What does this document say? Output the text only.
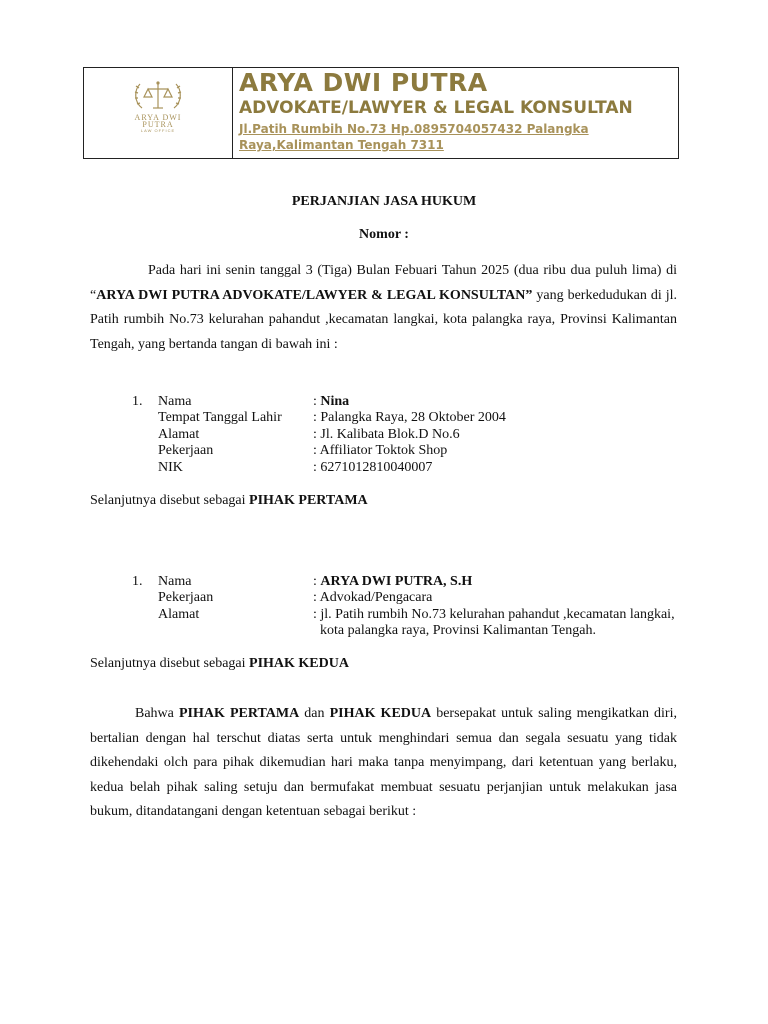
ARYA DWI
PUTRA
LAW OFFICE
ARYA DWI PUTRA
ADVOKATE/LAWYER & LEGAL KONSULTAN
Jl.Patih Rumbih No.73 Hp.0895704057432 Palangka
Raya,Kalimantan Tengah 7311
PERJANJIAN JASA HUKUM
Nomor :
Pada hari ini senin tanggal 3 (Tiga) Bulan Febuari Tahun 2025 (dua ribu dua puluh lima) di
“ARYA DWI PUTRA ADVOKATE/LAWYER & LEGAL KONSULTAN” yang berkedudukan di jl.
Patih rumbih No.73 kelurahan pahandut ,kecamatan langkai, kota palangka raya, Provinsi Kalimantan
Tengah, yang bertanda tangan di bawah ini :
1.	Nama	: Nina
	Tempat Tanggal Lahir	: Palangka Raya, 28 Oktober 2004
	Alamat	: Jl. Kalibata Blok.D No.6
	Pekerjaan	: Affiliator Toktok Shop
	NIK	: 6271012810040007
Selanjutnya disebut sebagai PIHAK PERTAMA
1.	Nama	: ARYA DWI PUTRA, S.H
	Pekerjaan	: Advokad/Pengacara
	Alamat	: jl. Patih rumbih No.73 kelurahan pahandut ,kecamatan langkai,
kota palangka raya, Provinsi Kalimantan Tengah.
Selanjutnya disebut sebagai PIHAK KEDUA
Bahwa PIHAK PERTAMA dan PIHAK KEDUA bersepakat untuk saling mengikatkan diri,
bertalian dengan hal terschut diatas serta untuk menghindari semua dan segala sesuatu yang tidak
dikehendaki olch para pihak dikemudian hari maka tanpa menyimpang, dari ketentuan yang berlaku,
kedua belah pihak saling setuju dan bermufakat membuat sesuatu perjanjian untuk melakukan jasa
bukum, ditandatangani dengan ketentuan sebagai berikut :
